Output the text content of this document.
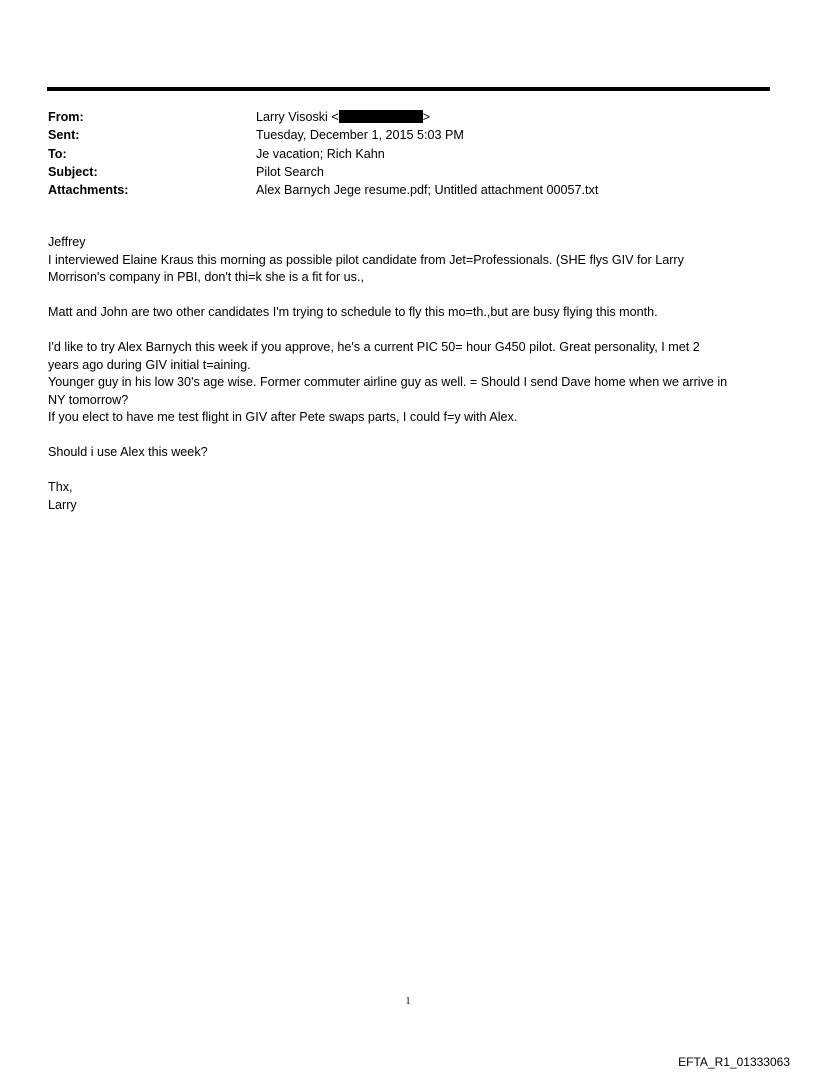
From:	Larry Visoski <	>
Sent:	Tuesday, December 1, 2015 5:03 PM
To:	Je vacation; Rich Kahn
Subject:	Pilot Search
Attachments:	Alex Barnych Jege resume.pdf; Untitled attachment 00057.txt

Jeffrey

I interviewed Elaine Kraus this morning as possible pilot candidate from Jet=Professionals. (SHE flys GIV for Larry

Morrison's company in PBI, don't thi=k she is a fit for us.,

Matt and John are two other candidates I'm trying to schedule to fly this mo=th.,but are busy flying this month.

I'd like to try Alex Barnych this week if you approve, he's a current PIC 50= hour G450 pilot. Great personality, I met 2

years ago during GIV initial t=aining.

Younger guy in his low 30's age wise. Former commuter airline guy as well. = Should I send Dave home when we arrive in

NY tomorrow?

If you elect to have me test flight in GIV after Pete swaps parts, I could f=y with Alex.

Should i use Alex this week?

Thx,

Larry

1
EFTA_R1_01333063
